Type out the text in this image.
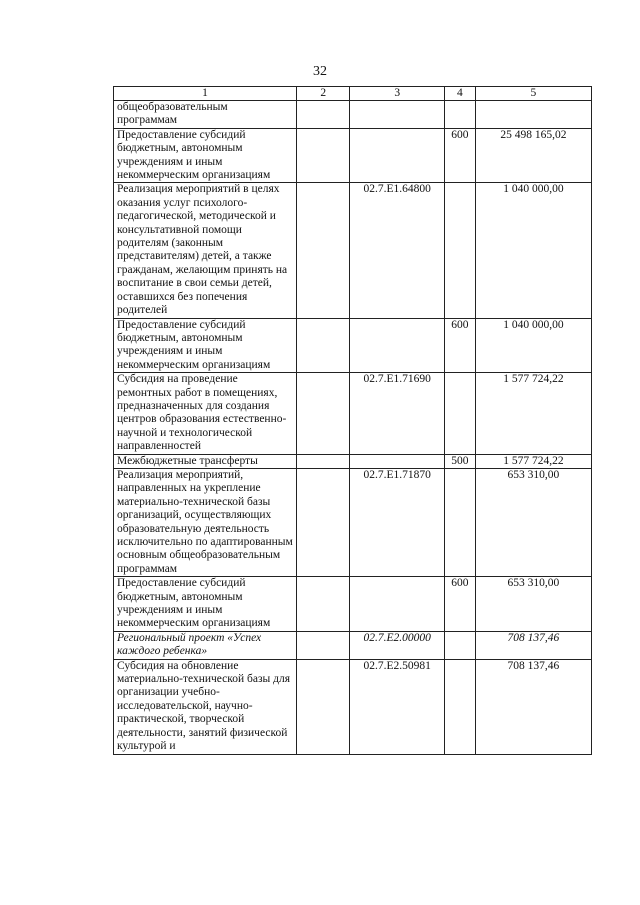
32
1	2	3	4	5
общеобразовательным
программам				
Предоставление субсидий бюджетным, автономным учреждениям и иным некоммерческим организациям			600	25 498 165,02
Реализация мероприятий в целях оказания услуг психолого-педагогической, методической и консультативной помощи родителям (законным представителям) детей, а также гражданам, желающим принять на воспитание в свои семьи детей, оставшихся без попечения родителей		02.7.E1.64800		1 040 000,00
Предоставление субсидий бюджетным, автономным учреждениям и иным некоммерческим организациям			600	1 040 000,00
Субсидия на проведение ремонтных работ в помещениях, предназначенных для создания центров образования естественно-научной и технологической направленностей		02.7.E1.71690		1 577 724,22
Межбюджетные трансферты			500	1 577 724,22
Реализация мероприятий, направленных на укрепление материально-технической базы организаций, осуществляющих образовательную деятельность исключительно по адаптированным основным общеобразовательным программам		02.7.E1.71870		653 310,00
Предоставление субсидий бюджетным, автономным учреждениям и иным некоммерческим организациям			600	653 310,00
Региональный проект «Успех каждого ребенка»		02.7.E2.00000		708 137,46
Субсидия на обновление материально-технической базы для организации учебно-исследовательской, научно-практической, творческой деятельности, занятий физической культурой и		02.7.E2.50981		708 137,46
